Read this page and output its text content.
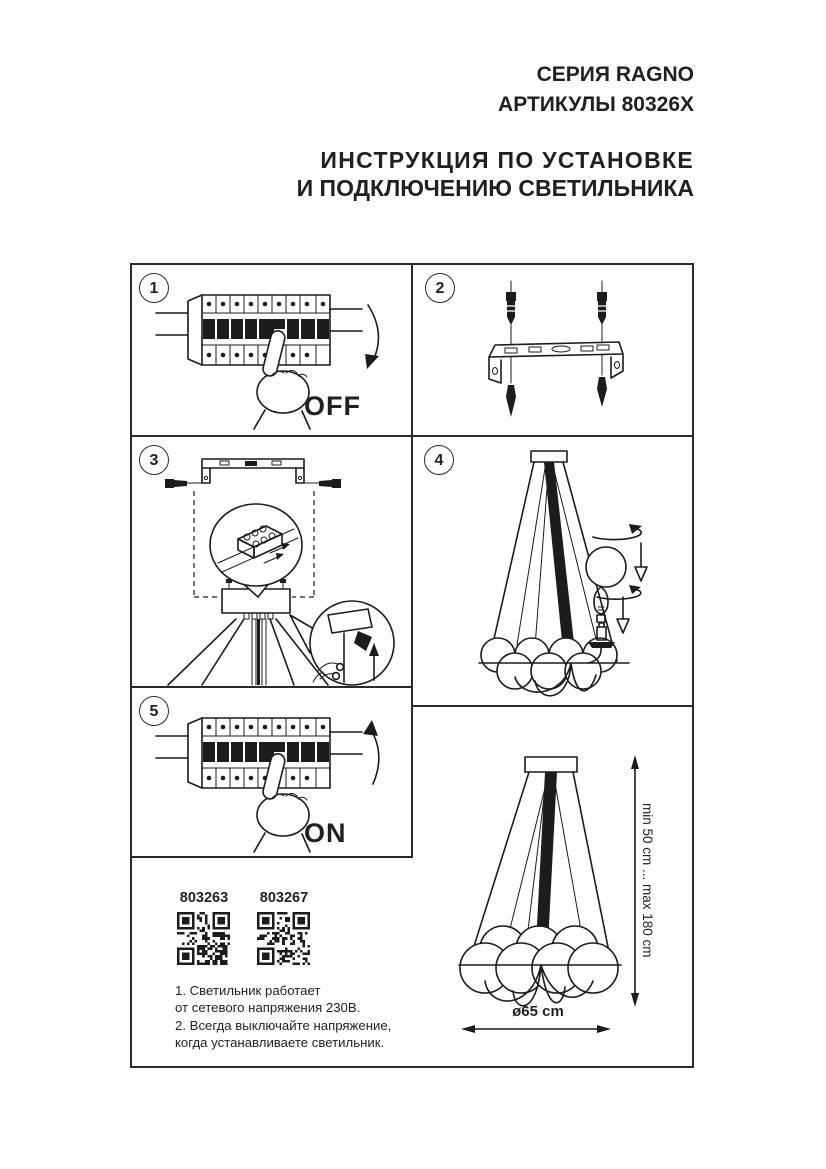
СЕРИЯ RAGNO
АРТИКУЛЫ 80326X
ИНСТРУКЦИЯ ПО УСТАНОВКЕ
И ПОДКЛЮЧЕНИЮ СВЕТИЛЬНИКА
1
OFF
2
3	4
5
ON	min 50 cm ... max 180 cm
ø65 cm
803263	803267
1. Светильник работает
от сетевого напряжения 230В.
2. Всегда выключайте напряжение,
когда устанавливаете светильник.
